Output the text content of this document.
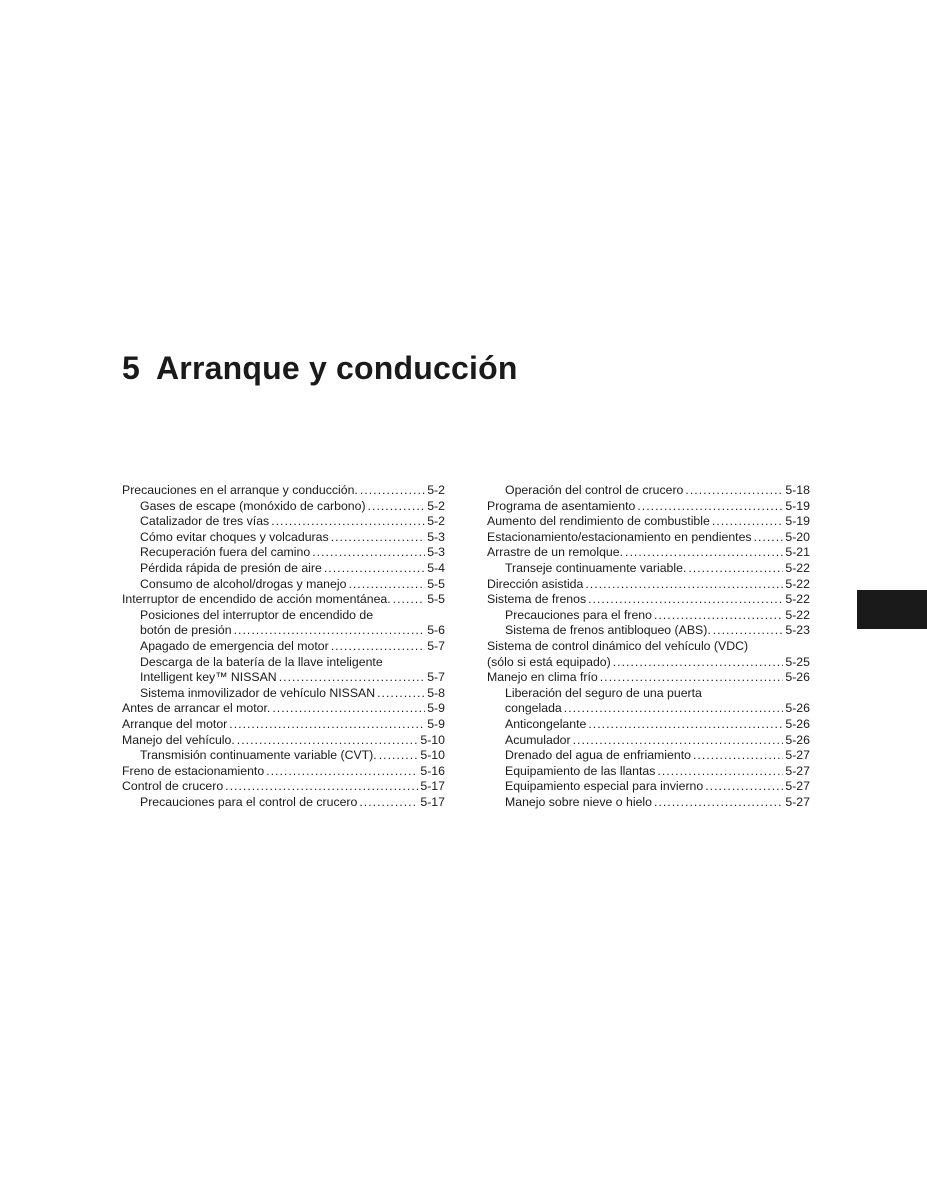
5 Arranque y conducción
Precauciones en el arranque y conducción. . . .	5-2
Gases de escape (monóxido de carbono) . . .	5-2
Catalizador de tres vías . . .	5-2
Cómo evitar choques y volcaduras . . .	5-3
Recuperación fuera del camino . . .	5-3
Pérdida rápida de presión de aire . . .	5-4
Consumo de alcohol/drogas y manejo . . .	5-5
Interruptor de encendido de acción momentánea. . . .	5-5
Posiciones del interruptor de encendido de
botón de presión . . .	5-6
Apagado de emergencia del motor . . .	5-7
Descarga de la batería de la llave inteligente
Intelligent key™ NISSAN . . .	5-7
Sistema inmovilizador de vehículo NISSAN . . .	5-8
Antes de arrancar el motor. . . .	5-9
Arranque del motor . . .	5-9
Manejo del vehículo. . . .	5-10
Transmisión continuamente variable (CVT). . . .	5-10
Freno de estacionamiento . . .	5-16
Control de crucero . . .	5-17
Precauciones para el control de crucero . . .	5-17
Operación del control de crucero . . .	5-18
Programa de asentamiento . . .	5-19
Aumento del rendimiento de combustible . . .	5-19
Estacionamiento/estacionamiento en pendientes . . .	5-20
Arrastre de un remolque. . . .	5-21
Transeje continuamente variable. . . .	5-22
Dirección asistida . . .	5-22
Sistema de frenos . . .	5-22
Precauciones para el freno . . .	5-22
Sistema de frenos antibloqueo (ABS). . . .	5-23
Sistema de control dinámico del vehículo (VDC)
(sólo si está equipado) . . .	5-25
Manejo en clima frío . . .	5-26
Liberación del seguro de una puerta
congelada . . .	5-26
Anticongelante . . .	5-26
Acumulador . . .	5-26
Drenado del agua de enfriamiento . . .	5-27
Equipamiento de las llantas . . .	5-27
Equipamiento especial para invierno . . .	5-27
Manejo sobre nieve o hielo . . .	5-27
